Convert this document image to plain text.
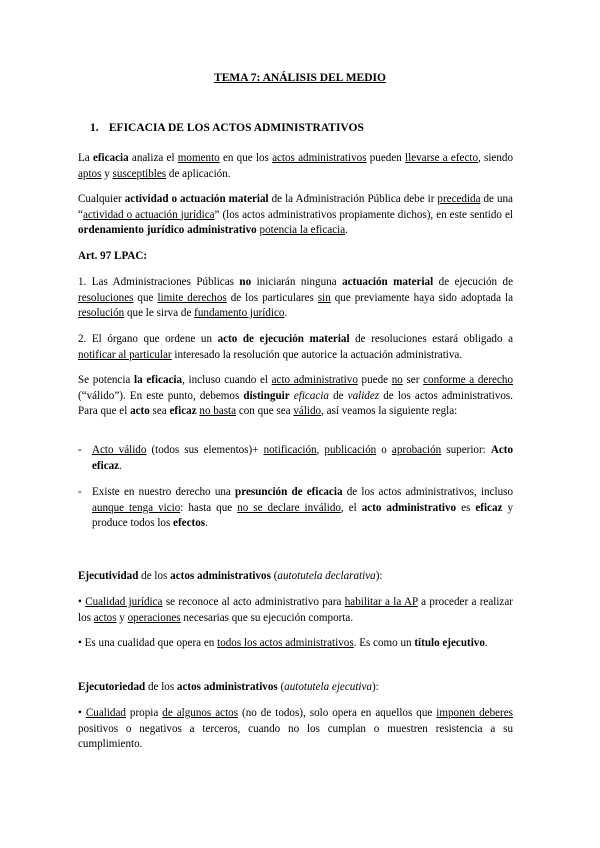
TEMA 7: ANÁLISIS DEL MEDIO

1. EFICACIA DE LOS ACTOS ADMINISTRATIVOS

La eficacia analiza el momento en que los actos administrativos pueden llevarse a efecto, siendo aptos y susceptibles de aplicación.

Cualquier actividad o actuación material de la Administración Pública debe ir precedida de una “actividad o actuación jurídica” (los actos administrativos propiamente dichos), en este sentido el ordenamiento jurídico administrativo potencia la eficacia.

Art. 97 LPAC:

1. Las Administraciones Públicas no iniciarán ninguna actuación material de ejecución de resoluciones que limite derechos de los particulares sin que previamente haya sido adoptada la resolución que le sirva de fundamento jurídico.

2. El órgano que ordene un acto de ejecución material de resoluciones estará obligado a notificar al particular interesado la resolución que autorice la actuación administrativa.

Se potencia la eficacia, incluso cuando el acto administrativo puede no ser conforme a derecho (“válido”). En este punto, debemos distinguir eficacia de validez de los actos administrativos. Para que el acto sea eficaz no basta con que sea válido, así veamos la siguiente regla:

- Acto válido (todos sus elementos)+ notificación, publicación o aprobación superior: Acto eficaz.
- Existe en nuestro derecho una presunción de eficacia de los actos administrativos, incluso aunque tenga vicio: hasta que no se declare inválido, el acto administrativo es eficaz y produce todos los efectos.

Ejecutividad de los actos administrativos (autotutela declarativa):

• Cualidad jurídica se reconoce al acto administrativo para habilitar a la AP a proceder a realizar los actos y operaciones necesarias que su ejecución comporta.

• Es una cualidad que opera en todos los actos administrativos. Es como un título ejecutivo.

Ejecutoriedad de los actos administrativos (autotutela ejecutiva):

• Cualidad propia de algunos actos (no de todos), solo opera en aquellos que imponen deberes positivos o negativos a terceros, cuando no los cumplan o muestren resistencia a su cumplimiento.
